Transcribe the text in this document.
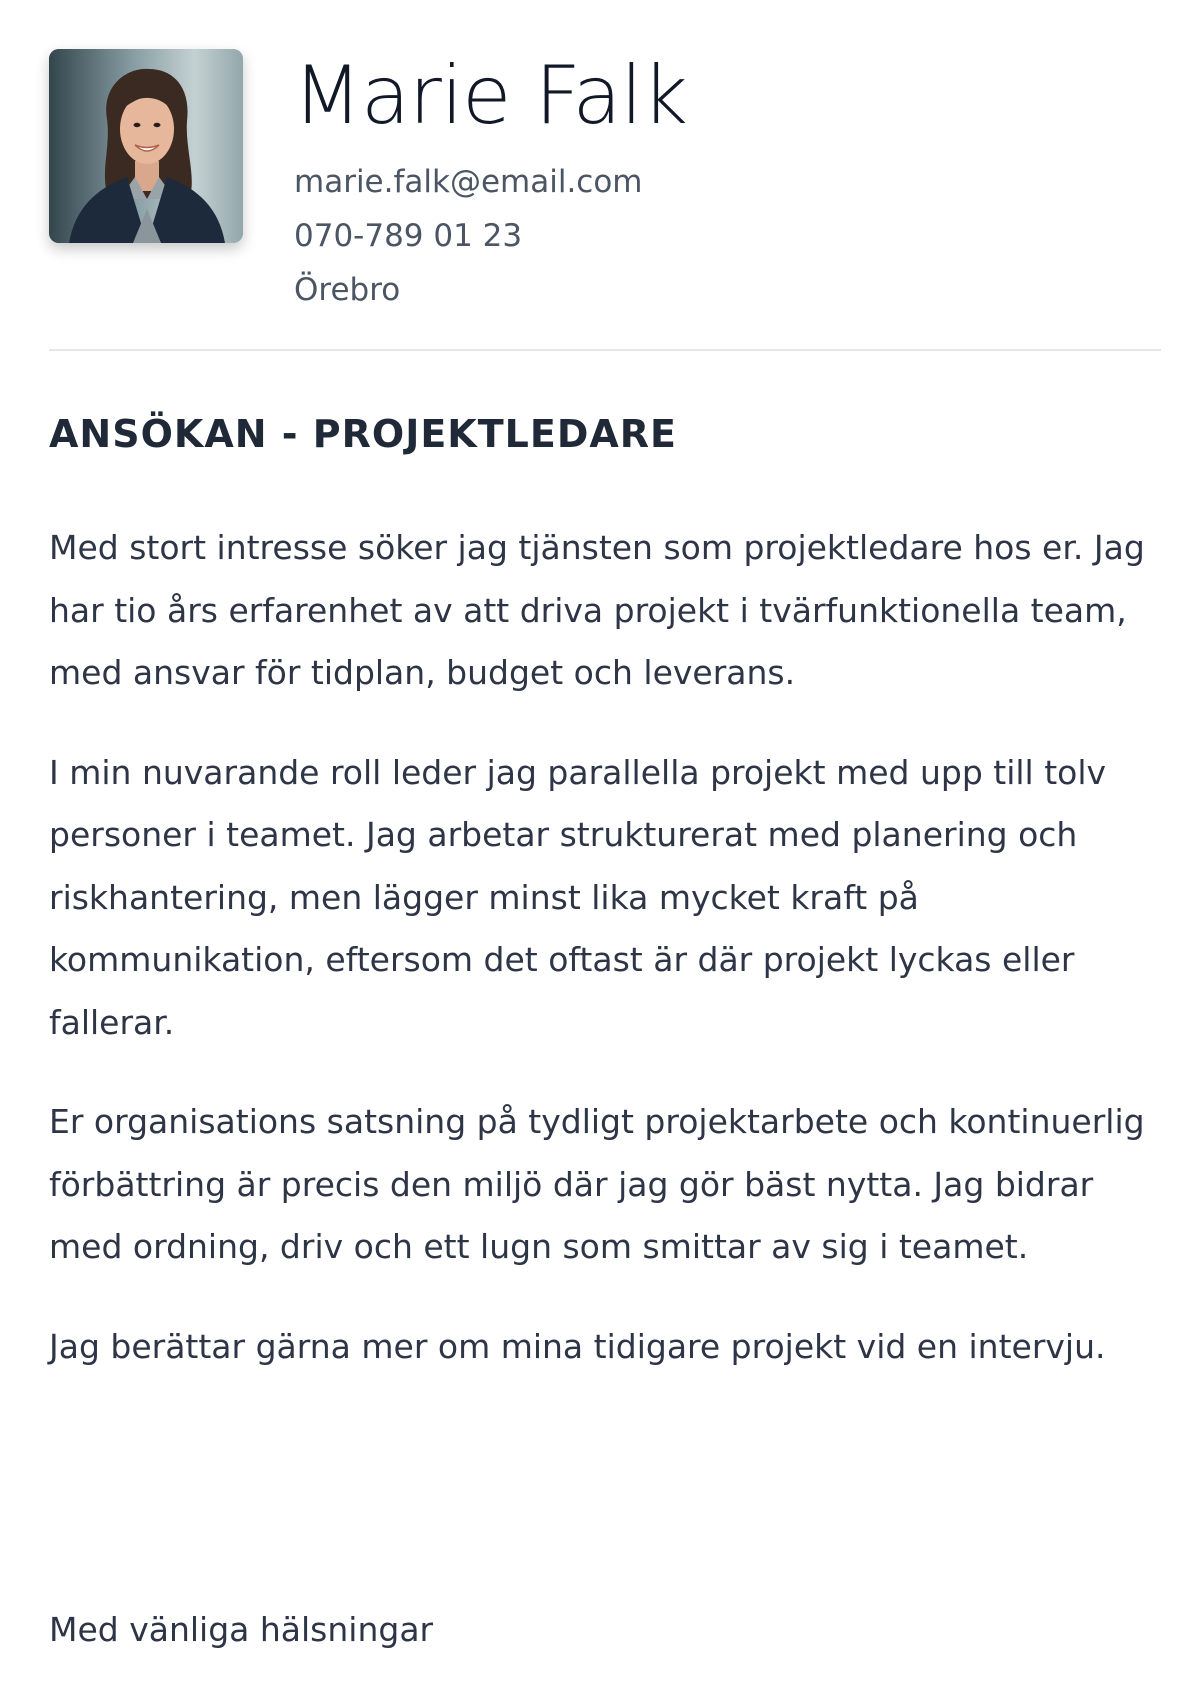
Marie Falk
marie.falk@email.com
070-789 01 23
Örebro
ANSÖKAN - PROJEKTLEDARE

Med stort intresse söker jag tjänsten som projektledare hos er. Jag har tio års erfarenhet av att driva projekt i tvärfunktionella team, med ansvar för tidplan, budget och leverans.

I min nuvarande roll leder jag parallella projekt med upp till tolv personer i teamet. Jag arbetar strukturerat med planering och riskhantering, men lägger minst lika mycket kraft på kommunikation, eftersom det oftast är där projekt lyckas eller fallerar.

Er organisations satsning på tydligt projektarbete och kontinuerlig förbättring är precis den miljö där jag gör bäst nytta. Jag bidrar med ordning, driv och ett lugn som smittar av sig i teamet.

Jag berättar gärna mer om mina tidigare projekt vid en intervju.

Med vänliga hälsningar
